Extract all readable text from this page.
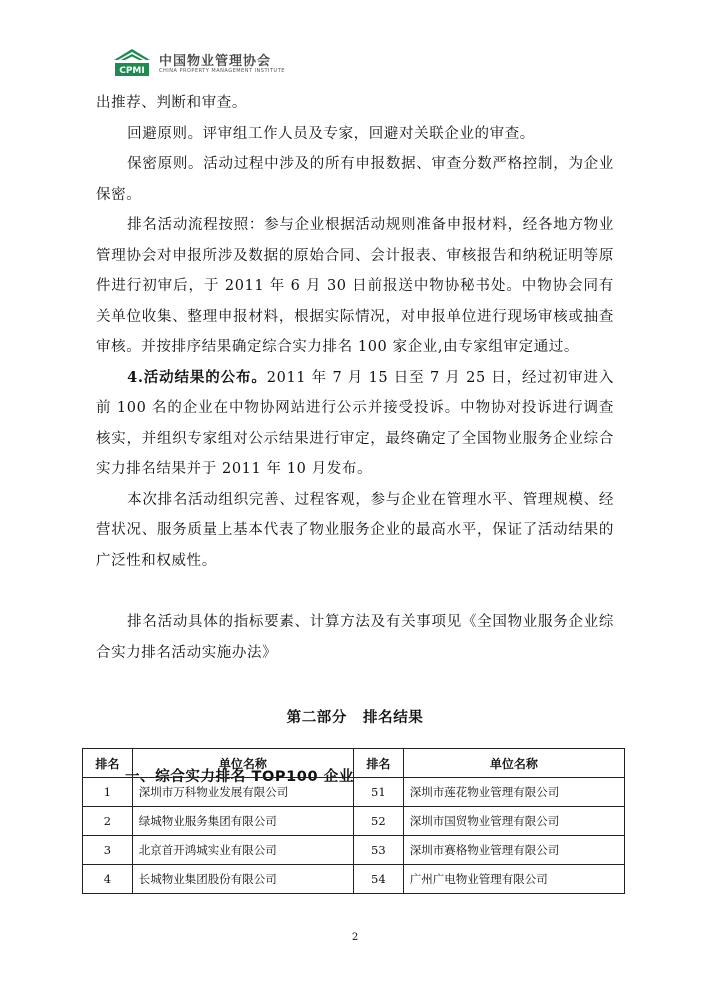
CPMI
中国物业管理协会
CHINA PROPERTY MANAGEMENT INSTITUTE

出推荐、判断和审查。

回避原则。评审组工作人员及专家，回避对关联企业的审查。

保密原则。活动过程中涉及的所有申报数据、审查分数严格控制，为企业保密。

排名活动流程按照：参与企业根据活动规则准备申报材料，经各地方物业管理协会对申报所涉及数据的原始合同、会计报表、审核报告和纳税证明等原件进行初审后，于 2011 年 6 月 30 日前报送中物协秘书处。中物协会同有关单位收集、整理申报材料，根据实际情况，对申报单位进行现场审核或抽查审核。并按排序结果确定综合实力排名 100 家企业,由专家组审定通过。

4.活动结果的公布。2011 年 7 月 15 日至 7 月 25 日，经过初审进入前 100 名的企业在中物协网站进行公示并接受投诉。中物协对投诉进行调查核实，并组织专家组对公示结果进行审定，最终确定了全国物业服务企业综合实力排名结果并于 2011 年 10 月发布。

本次排名活动组织完善、过程客观，参与企业在管理水平、管理规模、经营状况、服务质量上基本代表了物业服务企业的最高水平，保证了活动结果的广泛性和权威性。

排名活动具体的指标要素、计算方法及有关事项见《全国物业服务企业综合实力排名活动实施办法》

第二部分 排名结果
一、综合实力排名 TOP100 企业
排名	单位名称	排名	单位名称
1	深圳市万科物业发展有限公司	51	深圳市莲花物业管理有限公司
2	绿城物业服务集团有限公司	52	深圳市国贸物业管理有限公司
3	北京首开鸿城实业有限公司	53	深圳市赛格物业管理有限公司
4	长城物业集团股份有限公司	54	广州广电物业管理有限公司
2
